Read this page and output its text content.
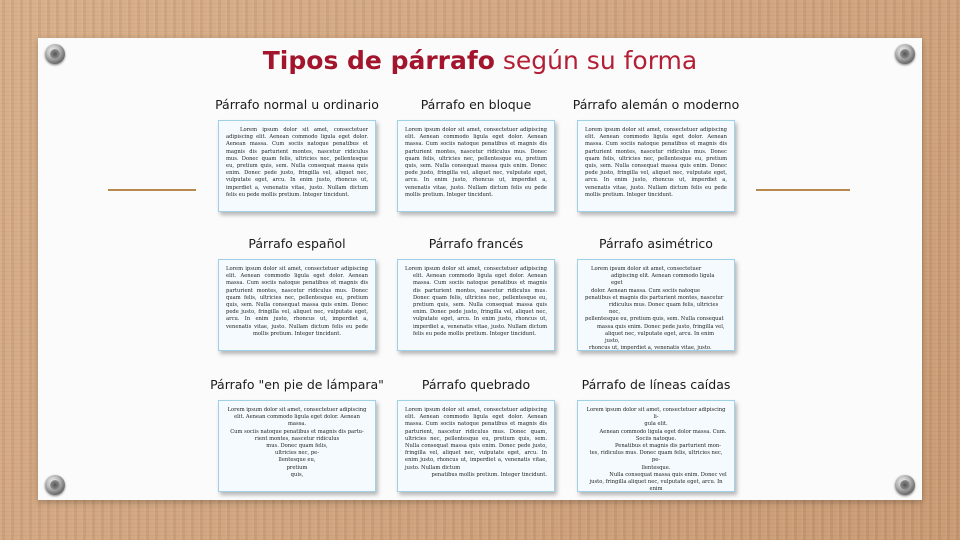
Tipos de párrafo según su forma
Párrafo normal u ordinario

Lorem ipsum dolor sit amet, consectetuer adipiscing elit. Aenean commodo ligula eget dolor. Aenean massa. Cum sociis natoque penatibus et magnis dis parturient montes, nascetur ridiculus mus. Donec quam felis, ultricies nec, pellentesque eu, pretium quis, sem. Nulla consequat massa quis enim. Donec pede justo, fringilla vel, aliquet nec, vulputate eget, arcu. In enim justo, rhoncus ut, imperdiet a, venenatis vitae, justo. Nullam dictum felis eu pede mollis pretium. Integer tincidunt.

Párrafo en bloque

Lorem ipsum dolor sit amet, consectetuer adipiscing elit. Aenean commodo ligula eget dolor. Aenean massa. Cum sociis natoque penatibus et magnis dis parturient montes, nascetur ridiculus mus. Donec quam felis, ultricies nec, pellentesque eu, pretium quis, sem. Nulla consequat massa quis enim. Donec pede justo, fringilla vel, aliquet nec, vulputate eget, arcu. In enim justo, rhoncus ut, imperdiet a, venenatis vitae, justo. Nullam dictum felis eu pede mollis pretium. Integer tincidunt.

Párrafo alemán o moderno

Lorem ipsum dolor sit amet, consectetuer adipiscing elit. Aenean commodo ligula eget dolor. Aenean massa. Cum sociis natoque penatibus et magnis dis parturient montes, nascetur ridiculus mus. Donec quam felis, ultricies nec, pellentesque eu, pretium quis, sem. Nulla consequat massa quis enim. Donec pede justo, fringilla vel, aliquet nec, vulputate eget, arcu. In enim justo, rhoncus ut, imperdiet a, venenatis vitae, justo. Nullam dictum felis eu pede mollis pretium. Integer tincidunt.

Párrafo español

Lorem ipsum dolor sit amet, consectetuer adipiscing elit. Aenean commodo ligula eget dolor. Aenean massa. Cum sociis natoque penatibus et magnis dis parturient montes, nascetur ridiculus mus. Donec quam felis, ultricies nec, pellentesque eu, pretium quis, sem. Nulla consequat massa quis enim. Donec pede justo, fringilla vel, aliquet nec, vulputate eget, arcu. In enim justo, rhoncus ut, imperdiet a, venenatis vitae, justo. Nullam dictum felis eu pede mollis pretium. Integer tincidunt.

Párrafo francés

Lorem ipsum dolor sit amet, consectetuer adipiscing elit. Aenean commodo ligula eget dolor. Aenean massa. Cum sociis natoque penatibus et magnis dis parturient montes, nascetur ridiculus mus. Donec quam felis, ultricies nec, pellentesque eu, pretium quis, sem. Nulla consequat massa quis enim. Donec pede justo, fringilla vel, aliquet nec, vulputate eget, arcu. In enim justo, rhoncus ut, imperdiet a, venenatis vitae, justo. Nullam dictum felis eu pede mollis pretium. Integer tincidunt.

Párrafo asimétrico

Lorem ipsum dolor sit amet, consectetuer
adipiscing elit. Aenean commodo ligula eget
dolor. Aenean massa. Cum sociis natoque
penatibus et magnis dis parturient montes, nascetur
ridiculus mus. Donec quam felis, ultricies nec,
pellentesque eu, pretium quis, sem. Nulla consequat
massa quis enim. Donec pede justo, fringilla vel,
aliquet nec, vulputate eget, arcu. In enim justo,
rhoncus ut, imperdiet a, venenatis vitae, justo.

Párrafo "en pie de lámpara"

Lorem ipsum dolor sit amet, consectetuer adipiscing
elit. Aenean commodo ligula eget dolor. Aenean massa.
Cum sociis natoque penatibus et magnis dis partu-
rient montes, nascetur ridiculus
mus. Donec quam felis,
ultricies nec, pe-
llentesque eu,
pretium
quis,

Párrafo quebrado

Lorem ipsum dolor sit amet, consectetuer adipiscing elit. Aenean commodo ligula eget dolor. Aenean massa. Cum sociis natoque penatibus et magnis dis parturient, nascetur ridiculus mus. Donec quam, ultricies nec, pellentesque eu, pretium quis, sem. Nulla consequat massa quis enim. Donec pede justo, fringilla vel, aliquet nec, vulputate eget, arcu. In enim justo, rhoncus ut, imperdiet a, venenatis vitae, justo. Nullam dictum

penatibus mollis pretium. Integer tincidunt.

Párrafo de líneas caídas

Lorem ipsum dolor sit amet, consectetuer adipiscing li-
gula elit.
Aenean commodo ligula eget dolor massa. Cum.
Sociis natoque.
Penatibus et magnis dis parturient mon-
tes, ridiculus mus. Donec quam felis, ultricies nec, pe-
llentesque.
Nulla consequat massa quis enim. Donec vel
justo, fringilla aliquet nec, vulputate eget, arcu. In enim
